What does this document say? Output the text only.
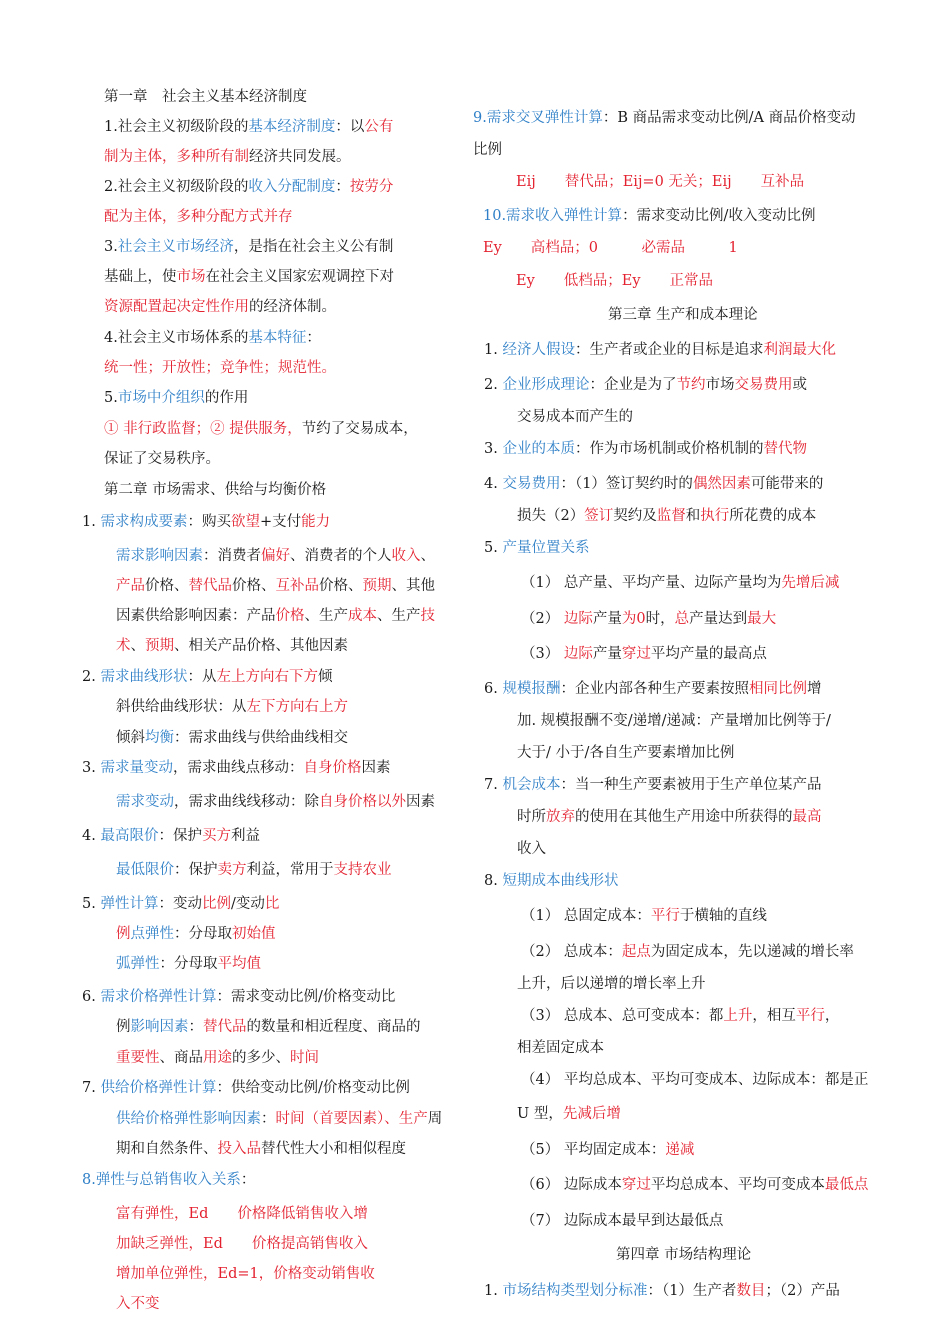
第一章　社会主义基本经济制度
1.社会主义初级阶段的基本经济制度：以公有
制为主体，多种所有制经济共同发展。
2.社会主义初级阶段的收入分配制度：按劳分
配为主体，多种分配方式并存
3.社会主义市场经济，是指在社会主义公有制
基础上，使市场在社会主义国家宏观调控下对
资源配置起决定性作用的经济体制。
4.社会主义市场体系的基本特征：
统一性；开放性；竞争性；规范性。
5.市场中介组织的作用
① 非行政监督；② 提供服务，节约了交易成本，
保证了交易秩序。
第二章 市场需求、供给与均衡价格
1. 需求构成要素：购买欲望+支付能力
需求影响因素：消费者偏好、消费者的个人收入、
产品价格、替代品价格、互补品价格、预期、其他
因素供给影响因素：产品价格、生产成本、生产技
术、预期、相关产品价格、其他因素
2. 需求曲线形状：从左上方向右下方倾
斜供给曲线形状：从左下方向右上方
倾斜均衡：需求曲线与供给曲线相交
3. 需求量变动，需求曲线点移动：自身价格因素
需求变动，需求曲线线移动：除自身价格以外因素
4. 最高限价：保护买方利益
最低限价：保护卖方利益，常用于支持农业
5. 弹性计算：变动比例/变动比
例点弹性：分母取初始值
弧弹性：分母取平均值
6. 需求价格弹性计算：需求变动比例/价格变动比
例影响因素：替代品的数量和相近程度、商品的
重要性、商品用途的多少、时间
7. 供给价格弹性计算：供给变动比例/价格变动比例
供给价格弹性影响因素：时间（首要因素）、生产周
期和自然条件、投入品替代性大小和相似程度
8.弹性与总销售收入关系：
富有弹性，Ed　　价格降低销售收入增
加缺乏弹性，Ed　　价格提高销售收入
增加单位弹性，Ed=1，价格变动销售收
入不变
9.需求交叉弹性计算：B 商品需求变动比例/A 商品价格变动
比例
Eij　　替代品；Eij=0 无关；Eij　　互补品
10.需求收入弹性计算：需求变动比例/收入变动比例
Ey　　高档品；0　　　必需品　　　1
Ey　　低档品；Ey　　正常品
第三章 生产和成本理论
1. 经济人假设：生产者或企业的目标是追求利润最大化
2. 企业形成理论：企业是为了节约市场交易费用或
交易成本而产生的
3. 企业的本质：作为市场机制或价格机制的替代物
4. 交易费用：（1）签订契约时的偶然因素可能带来的
损失（2）签订契约及监督和执行所花费的成本
5. 产量位置关系
（1） 总产量、平均产量、边际产量均为先增后减
（2） 边际产量为0时，总产量达到最大
（3） 边际产量穿过平均产量的最高点
6. 规模报酬：企业内部各种生产要素按照相同比例增
加. 规模报酬不变/递增/递减：产量增加比例等于/
大于/ 小于/各自生产要素增加比例
7. 机会成本：当一种生产要素被用于生产单位某产品
时所放弃的使用在其他生产用途中所获得的最高
收入
8. 短期成本曲线形状
（1） 总固定成本：平行于横轴的直线
（2） 总成本：起点为固定成本，先以递减的增长率
上升，后以递增的增长率上升
（3） 总成本、总可变成本：都上升，相互平行，
相差固定成本
（4） 平均总成本、平均可变成本、边际成本：都是正
U 型，先减后增
（5） 平均固定成本：递减
（6） 边际成本穿过平均总成本、平均可变成本最低点
（7） 边际成本最早到达最低点
第四章 市场结构理论
1. 市场结构类型划分标准：（1）生产者数目；（2）产品
